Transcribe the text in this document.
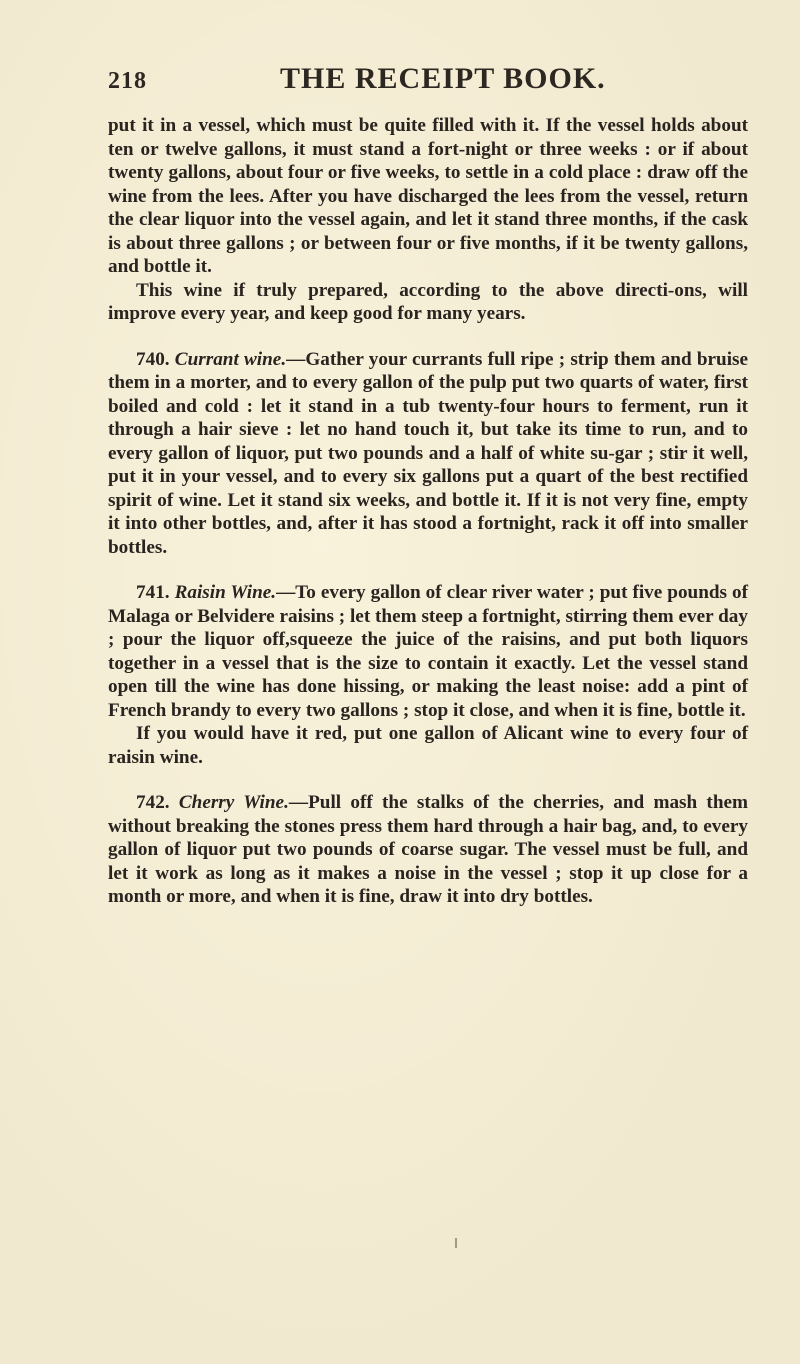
218	THE RECEIPT BOOK.

put it in a vessel, which must be quite filled with it. If the vessel holds about ten or twelve gallons, it must stand a fort-night or three weeks : or if about twenty gallons, about four or five weeks, to settle in a cold place : draw off the wine from the lees. After you have discharged the lees from the vessel, return the clear liquor into the vessel again, and let it stand three months, if the cask is about three gallons ; or between four or five months, if it be twenty gallons, and bottle it.

This wine if truly prepared, according to the above directi-ons, will improve every year, and keep good for many years.

740. Currant wine.—Gather your currants full ripe ; strip them and bruise them in a morter, and to every gallon of the pulp put two quarts of water, first boiled and cold : let it stand in a tub twenty-four hours to ferment, run it through a hair sieve : let no hand touch it, but take its time to run, and to every gallon of liquor, put two pounds and a half of white su-gar ; stir it well, put it in your vessel, and to every six gallons put a quart of the best rectified spirit of wine. Let it stand six weeks, and bottle it. If it is not very fine, empty it into other bottles, and, after it has stood a fortnight, rack it off into smaller bottles.

741. Raisin Wine.—To every gallon of clear river water ; put five pounds of Malaga or Belvidere raisins ; let them steep a fortnight, stirring them ever day ; pour the liquor off,squeeze the juice of the raisins, and put both liquors together in a vessel that is the size to contain it exactly. Let the vessel stand open till the wine has done hissing, or making the least noise: add a pint of French brandy to every two gallons ; stop it close, and when it is fine, bottle it.

If you would have it red, put one gallon of Alicant wine to every four of raisin wine.

742. Cherry Wine.—Pull off the stalks of the cherries, and mash them without breaking the stones press them hard through a hair bag, and, to every gallon of liquor put two pounds of coarse sugar. The vessel must be full, and let it work as long as it makes a noise in the vessel ; stop it up close for a month or more, and when it is fine, draw it into dry bottles.
